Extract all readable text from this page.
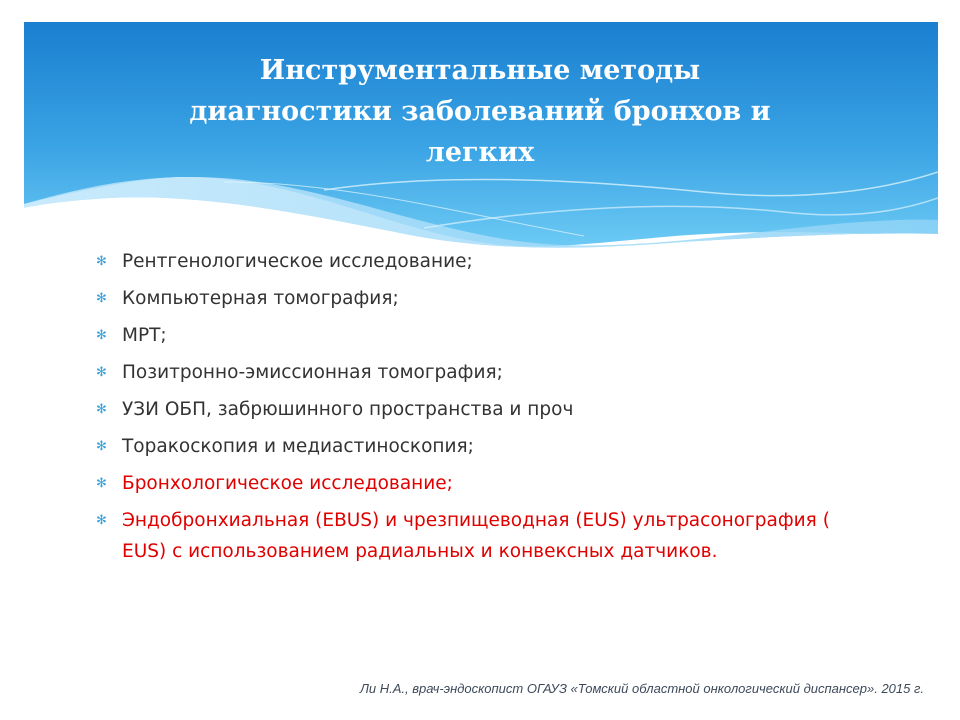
Инструментальные методы
диагностики заболеваний бронхов и
легких
✻ Рентгенологическое исследование;
✻ Компьютерная томография;
✻ МРТ;
✻ Позитронно-эмиссионная томография;
✻ УЗИ ОБП, забрюшинного пространства и проч
✻ Торакоскопия и медиастиноскопия;
✻ Бронхологическое исследование;
✻ Эндобронхиальная (EBUS) и чрезпищеводная (EUS) ультрасонография ( EUS) с использованием радиальных и конвексных датчиков.
Ли Н.А., врач-эндоскопист ОГАУЗ «Томский областной онкологический диспансер». 2015 г.
